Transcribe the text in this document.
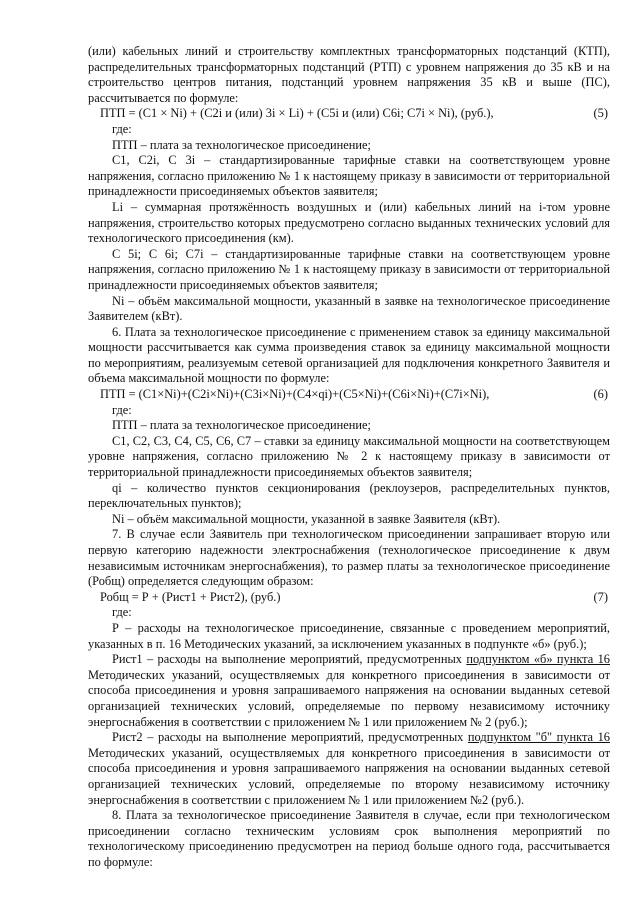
(или) кабельных линий и строительству комплектных трансформаторных подстанций (КТП), распределительных трансформаторных подстанций (РТП) с уровнем напряжения до 35 кВ и на строительство центров питания, подстанций уровнем напряжения 35 кВ и выше (ПС), рассчитывается по формуле:

ПТП = (C1 × Ni) + (C2i и (или) 3i × Li) + (C5i и (или) C6i; C7i × Ni), (руб.),	(5)

где:

ПТП – плата за технологическое присоединение;

С1, С2i, С 3i – стандартизированные тарифные ставки на соответствующем уровне напряжения, согласно приложению № 1 к настоящему приказу в зависимости от территориальной принадлежности присоединяемых объектов заявителя;

Li – суммарная протяжённость воздушных и (или) кабельных линий на i-том уровне напряжения, строительство которых предусмотрено согласно выданных технических условий для технологического присоединения (км).

С 5i; С 6i; С7i – стандартизированные тарифные ставки на соответствующем уровне напряжения, согласно приложению № 1 к настоящему приказу в зависимости от территориальной принадлежности присоединяемых объектов заявителя;

Ni – объём максимальной мощности, указанный в заявке на технологическое присоединение Заявителем (кВт).

6. Плата за технологическое присоединение с применением ставок за единицу максимальной мощности рассчитывается как сумма произведения ставок за единицу максимальной мощности по мероприятиям, реализуемым сетевой организацией для подключения конкретного Заявителя и объема максимальной мощности по формуле:

ПТП = (C1×Ni)+(C2i×Ni)+(C3i×Ni)+(C4×qi)+(C5×Ni)+(C6i×Ni)+(C7i×Ni),	(6)

где:

ПТП – плата за технологическое присоединение;

С1, С2, С3, С4, С5, С6, С7 – ставки за единицу максимальной мощности на соответствующем уровне напряжения, согласно приложению № 2 к настоящему приказу в зависимости от территориальной принадлежности присоединяемых объектов заявителя;

qi – количество пунктов секционирования (реклоузеров, распределительных пунктов, переключательных пунктов);

Ni – объём максимальной мощности, указанной в заявке Заявителя (кВт).

7. В случае если Заявитель при технологическом присоединении запрашивает вторую или первую категорию надежности электроснабжения (технологическое присоединение к двум независимым источникам энергоснабжения), то размер платы за технологическое присоединение (Робщ) определяется следующим образом:

Робщ = Р + (Рист1 + Рист2), (руб.)	(7)

где:

Р – расходы на технологическое присоединение, связанные с проведением мероприятий, указанных в п. 16 Методических указаний, за исключением указанных в подпункте «б» (руб.);

Рист1 – расходы на выполнение мероприятий, предусмотренных подпунктом «б» пункта 16 Методических указаний, осуществляемых для конкретного присоединения в зависимости от способа присоединения и уровня запрашиваемого напряжения на основании выданных сетевой организацией технических условий, определяемые по первому независимому источнику энергоснабжения в соответствии с приложением № 1 или приложением № 2 (руб.);

Рист2 – расходы на выполнение мероприятий, предусмотренных подпунктом "б" пункта 16 Методических указаний, осуществляемых для конкретного присоединения в зависимости от способа присоединения и уровня запрашиваемого напряжения на основании выданных сетевой организацией технических условий, определяемые по второму независимому источнику энергоснабжения в соответствии с приложением № 1 или приложением №2 (руб.).

8. Плата за технологическое присоединение Заявителя в случае, если при технологическом присоединении согласно техническим условиям срок выполнения мероприятий по технологическому присоединению предусмотрен на период больше одного года, рассчитывается по формуле:
